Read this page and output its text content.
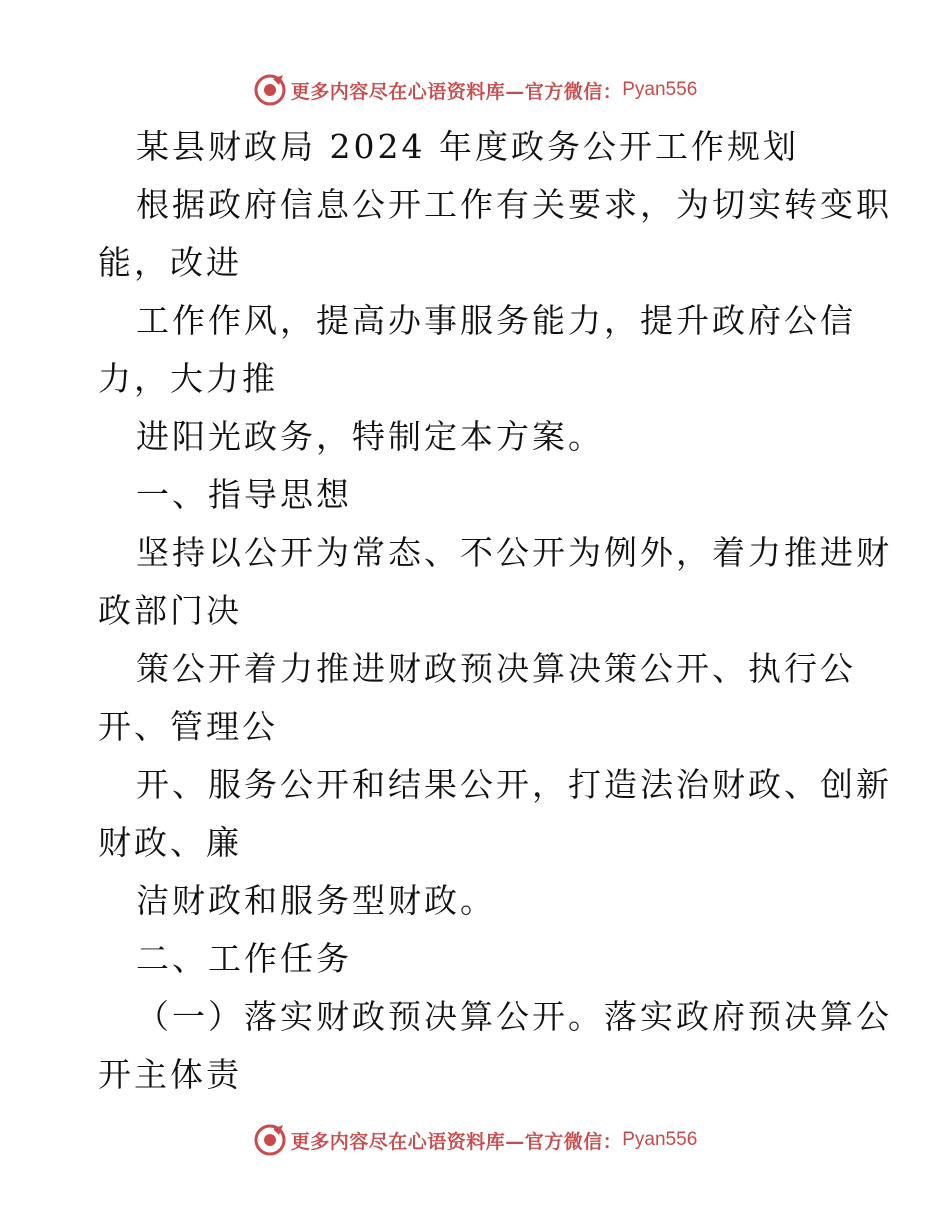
更多内容尽在心语资料库—官方微信： Pyan556
某县财政局 2024 年度政务公开工作规划
根据政府信息公开工作有关要求，为切实转变职
能，改进
工作作风，提高办事服务能力，提升政府公信
力，大力推
进阳光政务，特制定本方案。
一、指导思想
坚持以公开为常态、不公开为例外，着力推进财
政部门决
策公开着力推进财政预决算决策公开、执行公
开、管理公
开、服务公开和结果公开，打造法治财政、创新
财政、廉
洁财政和服务型财政。
二、工作任务
（一）落实财政预决算公开。落实政府预决算公
开主体责
更多内容尽在心语资料库—官方微信： Pyan556
